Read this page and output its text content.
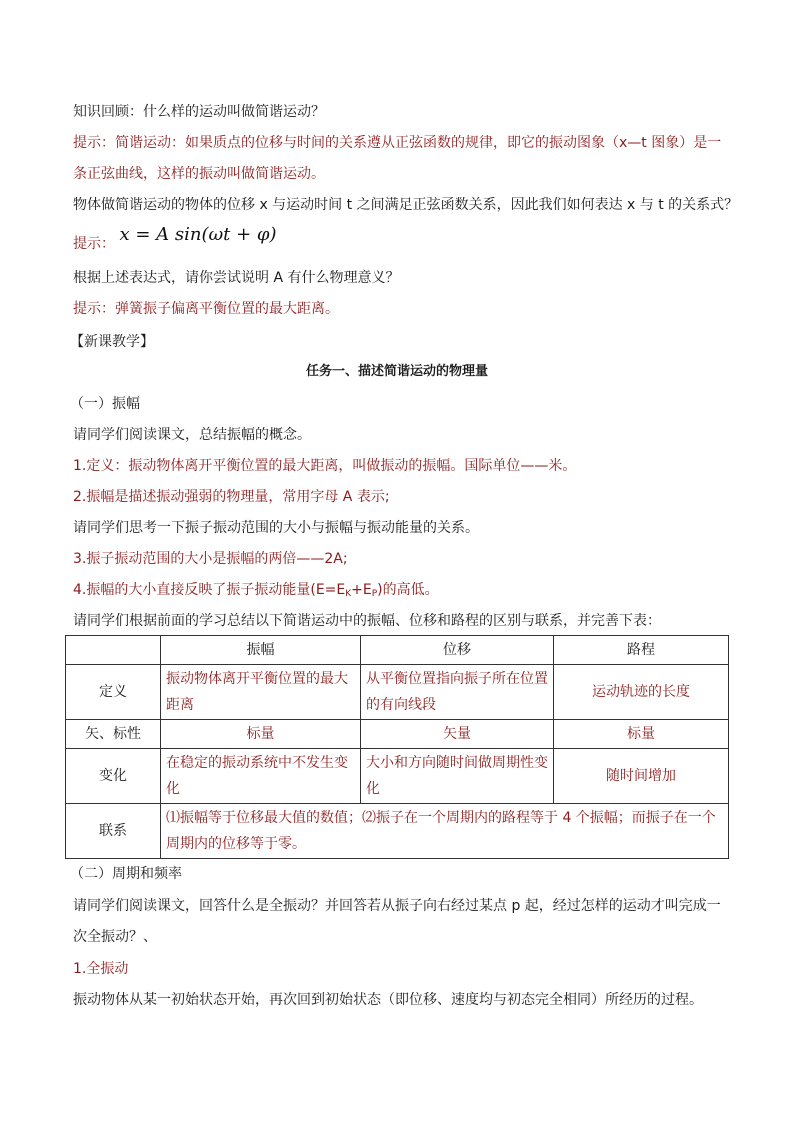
知识回顾：什么样的运动叫做简谐运动？
提示：简谐运动：如果质点的位移与时间的关系遵从正弦函数的规律，即它的振动图象（x—t 图象）是一
条正弦曲线，这样的振动叫做简谐运动。
物体做简谐运动的物体的位移 x 与运动时间 t 之间满足正弦函数关系，因此我们如何表达 x 与 t 的关系式？
提示： x = A sin(ωt + φ)
根据上述表达式，请你尝试说明 A 有什么物理意义？
提示：弹簧振子偏离平衡位置的最大距离。
【新课教学】
任务一、描述简谐运动的物理量
（一）振幅
请同学们阅读课文，总结振幅的概念。
1.定义：振动物体离开平衡位置的最大距离，叫做振动的振幅。国际单位——米。
2.振幅是描述振动强弱的物理量，常用字母 A 表示;
请同学们思考一下振子振动范围的大小与振幅与振动能量的关系。
3.振子振动范围的大小是振幅的两倍——2A;
4.振幅的大小直接反映了振子振动能量$(E=E_K+E_P)$的高低。
请同学们根据前面的学习总结以下简谐运动中的振幅、位移和路程的区别与联系，并完善下表：
	振幅	位移	路程
定义	振动物体离开平衡位置的最大距离	从平衡位置指向振子所在位置的有向线段	运动轨迹的长度
矢、标性	标量	矢量	标量
变化	在稳定的振动系统中不发生变化	大小和方向随时间做周期性变化	随时间增加
联系	⑴振幅等于位移最大值的数值；⑵振子在一个周期内的路程等于 4 个振幅；而振子在一个周期内的位移等于零。		
（二）周期和频率
请同学们阅读课文，回答什么是全振动？并回答若从振子向右经过某点 p 起，经过怎样的运动才叫完成一
次全振动？、
1.全振动
振动物体从某一初始状态开始，再次回到初始状态（即位移、速度均与初态完全相同）所经历的过程。
